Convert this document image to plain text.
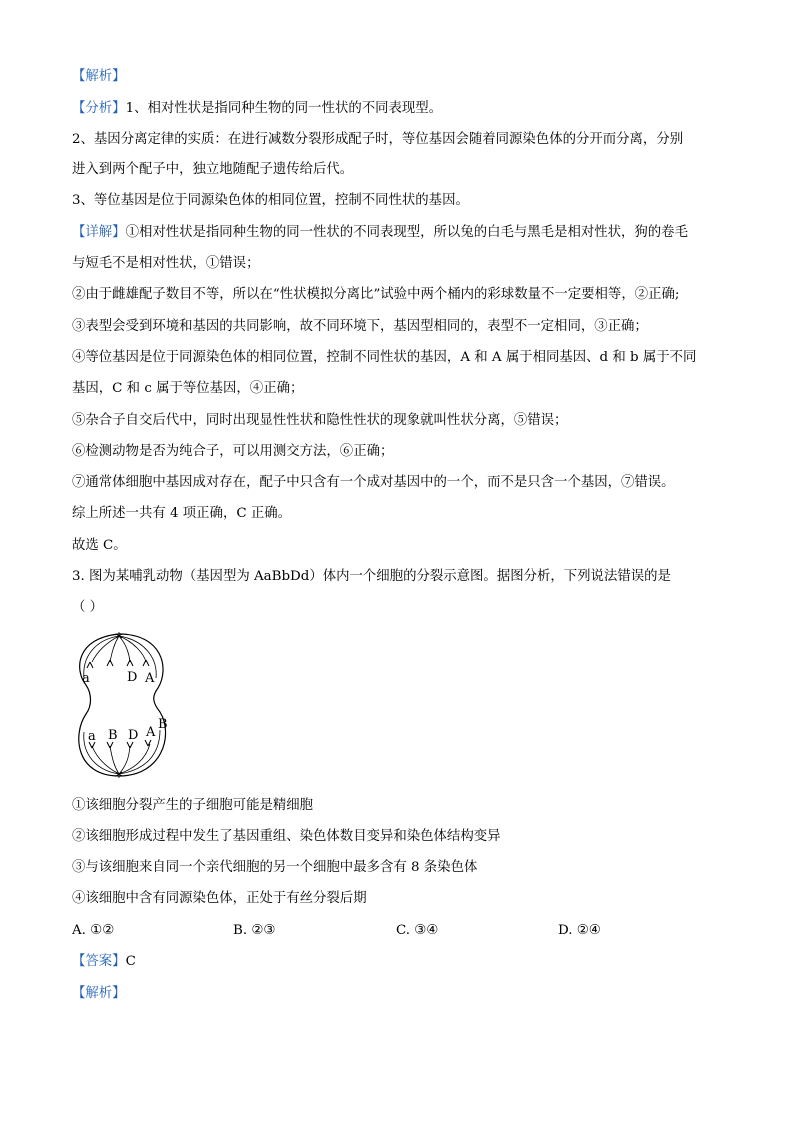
【解析】
【分析】1、相对性状是指同种生物的同一性状的不同表现型。
2、基因分离定律的实质：在进行减数分裂形成配子时，等位基因会随着同源染色体的分开而分离，分别
进入到两个配子中，独立地随配子遗传给后代。
3、等位基因是位于同源染色体的相同位置，控制不同性状的基因。
【详解】①相对性状是指同种生物的同一性状的不同表现型，所以兔的白毛与黑毛是相对性状，狗的卷毛
与短毛不是相对性状，①错误；
②由于雌雄配子数目不等，所以在“性状模拟分离比”试验中两个桶内的彩球数量不一定要相等，②正确;
③表型会受到环境和基因的共同影响，故不同环境下，基因型相同的，表型不一定相同，③正确；
④等位基因是位于同源染色体的相同位置，控制不同性状的基因，A 和 A 属于相同基因、d 和 b 属于不同
基因，C 和 c 属于等位基因，④正确；
⑤杂合子自交后代中，同时出现显性性状和隐性性状的现象就叫性状分离，⑤错误；
⑥检测动物是否为纯合子，可以用测交方法，⑥正确；
⑦通常体细胞中基因成对存在，配子中只含有一个成对基因中的一个，而不是只含一个基因，⑦错误。
综上所述一共有 4 项正确，C 正确。
故选 C。
3. 图为某哺乳动物（基因型为 AaBbDd）体内一个细胞的分裂示意图。据图分析，下列说法错误的是
（ ）
a	D A
a B D A
B
①该细胞分裂产生的子细胞可能是精细胞
②该细胞形成过程中发生了基因重组、染色体数目变异和染色体结构变异
③与该细胞来自同一个亲代细胞的另一个细胞中最多含有 8 条染色体
④该细胞中含有同源染色体，正处于有丝分裂后期
A. ①②	B. ②③	C. ③④	D. ②④
【答案】C
【解析】
